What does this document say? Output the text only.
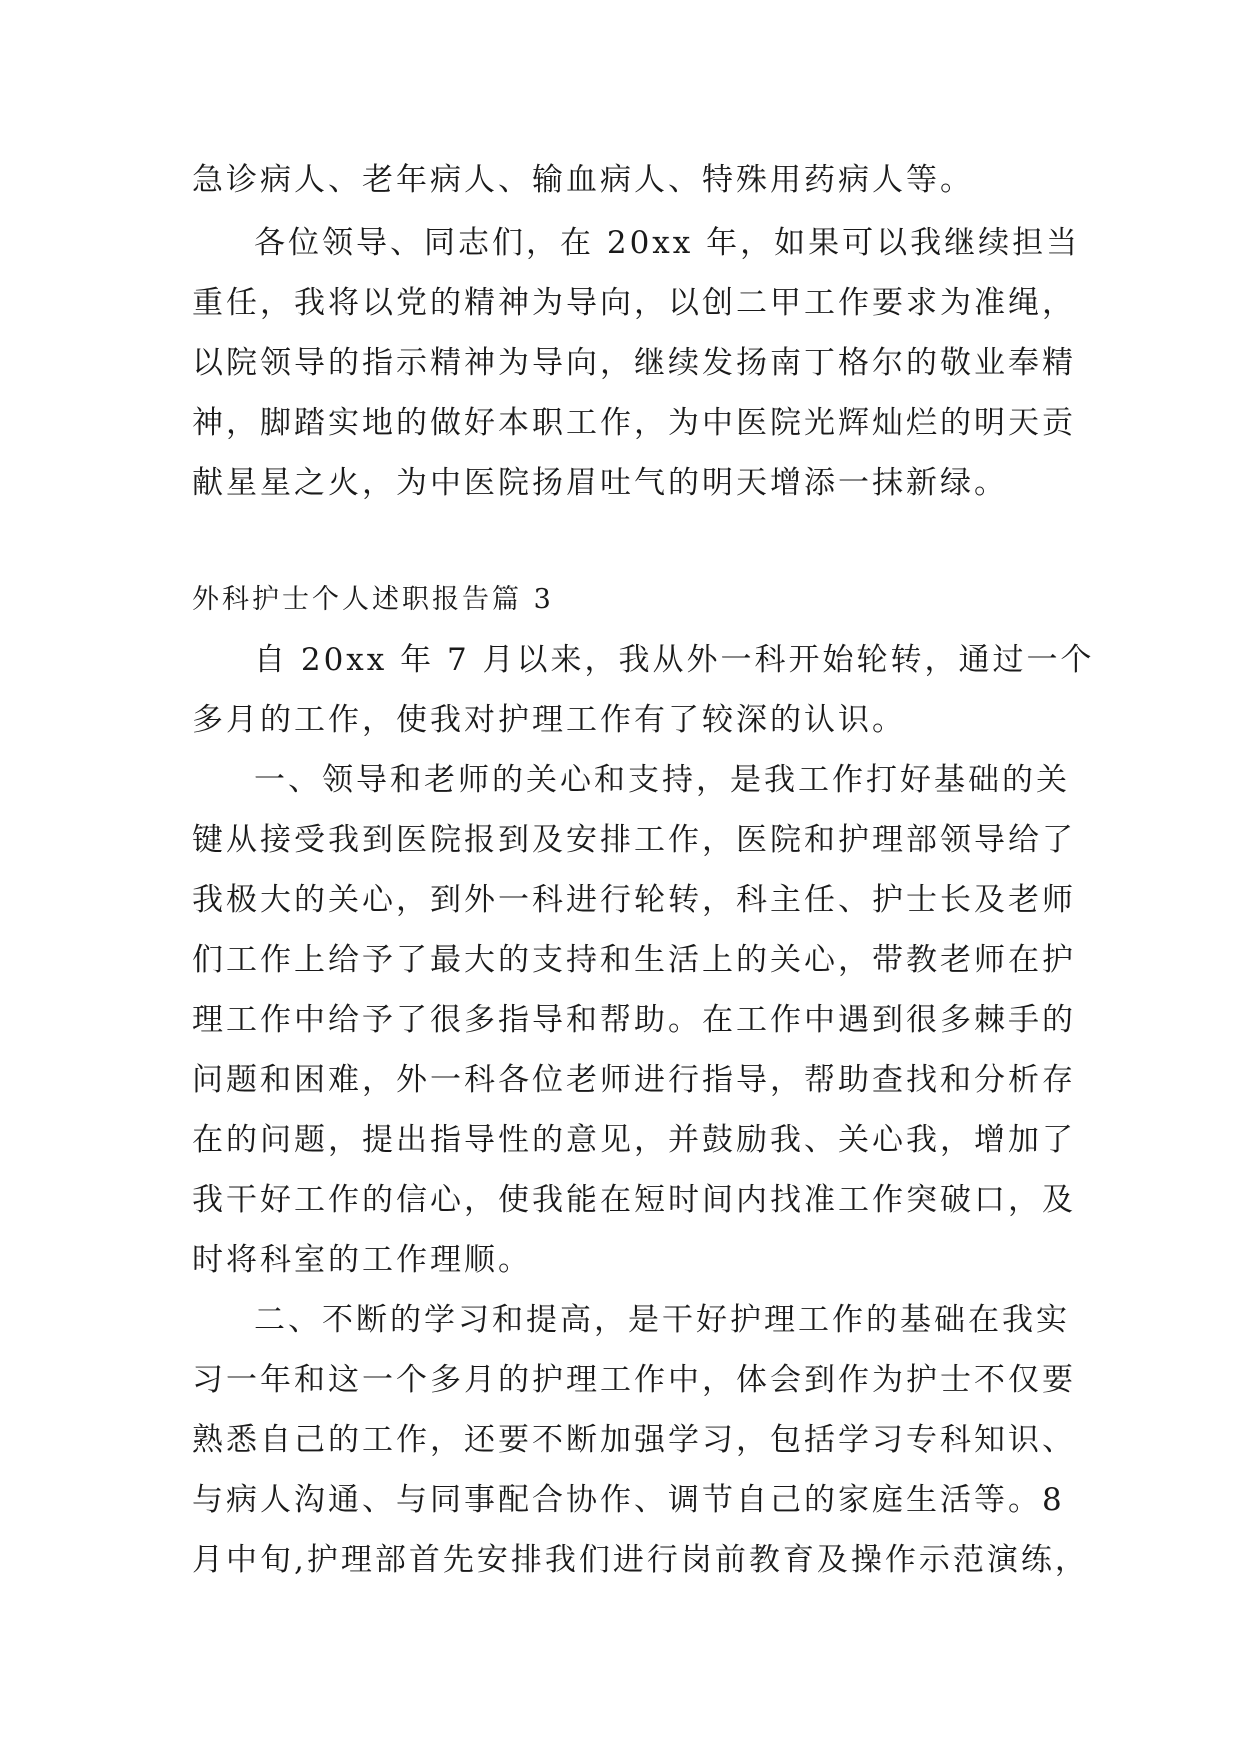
急诊病人、老年病人、输血病人、特殊用药病人等。
各位领导、同志们，在 20xx 年，如果可以我继续担当
重任，我将以党的精神为导向，以创二甲工作要求为准绳，
以院领导的指示精神为导向，继续发扬南丁格尔的敬业奉精
神，脚踏实地的做好本职工作，为中医院光辉灿烂的明天贡
献星星之火，为中医院扬眉吐气的明天增添一抹新绿。
外科护士个人述职报告篇 3
自 20xx 年 7 月以来，我从外一科开始轮转，通过一个
多月的工作，使我对护理工作有了较深的认识。
一、领导和老师的关心和支持，是我工作打好基础的关
键从接受我到医院报到及安排工作，医院和护理部领导给了
我极大的关心，到外一科进行轮转，科主任、护士长及老师
们工作上给予了最大的支持和生活上的关心，带教老师在护
理工作中给予了很多指导和帮助。在工作中遇到很多棘手的
问题和困难，外一科各位老师进行指导，帮助查找和分析存
在的问题，提出指导性的意见，并鼓励我、关心我，增加了
我干好工作的信心，使我能在短时间内找准工作突破口，及
时将科室的工作理顺。
二、不断的学习和提高，是干好护理工作的基础在我实
习一年和这一个多月的护理工作中，体会到作为护士不仅要
熟悉自己的工作，还要不断加强学习，包括学习专科知识、
与病人沟通、与同事配合协作、调节自己的家庭生活等。8
月中旬,护理部首先安排我们进行岗前教育及操作示范演练，
